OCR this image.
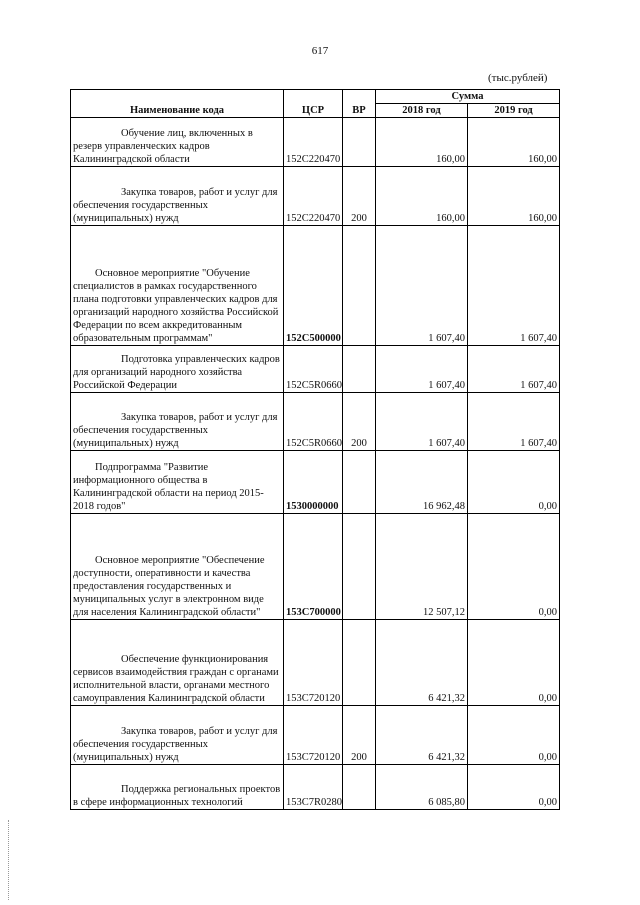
617
(тыс.рублей)
Наименование кода	ЦСР	ВР	Сумма	
			2018 год	2019 год

Обучение лиц, включенных в резерв управленческих кадров Калининградской области	152С220470		160,00	160,00

Закупка товаров, работ и услуг для обеспечения государственных (муниципальных) нужд	152С220470	200	160,00	160,00

Основное мероприятие "Обучение специалистов в рамках государственного плана подготовки управленческих кадров для организаций народного хозяйства Российской Федерации по всем аккредитованным образовательным программам"	152С500000		1 607,40	1 607,40

Подготовка управленческих кадров для организаций народного хозяйства Российской Федерации	152С5R0660		1 607,40	1 607,40

Закупка товаров, работ и услуг для обеспечения государственных (муниципальных) нужд	152С5R0660	200	1 607,40	1 607,40

Подпрограмма "Развитие информационного общества в Калининградской области на период 2015-2018 годов"	1530000000		16 962,48	0,00

Основное мероприятие "Обеспечение доступности, оперативности и качества предоставления государственных и муниципальных услуг в электронном виде для населения Калининградской области"	153С700000		12 507,12	0,00

Обеспечение функционирования сервисов взаимодействия граждан с органами исполнительной власти, органами местного самоуправления Калининградской области	153С720120		6 421,32	0,00

Закупка товаров, работ и услуг для обеспечения государственных (муниципальных) нужд	153С720120	200	6 421,32	0,00

Поддержка региональных проектов в сфере информационных технологий	153С7R0280		6 085,80	0,00
